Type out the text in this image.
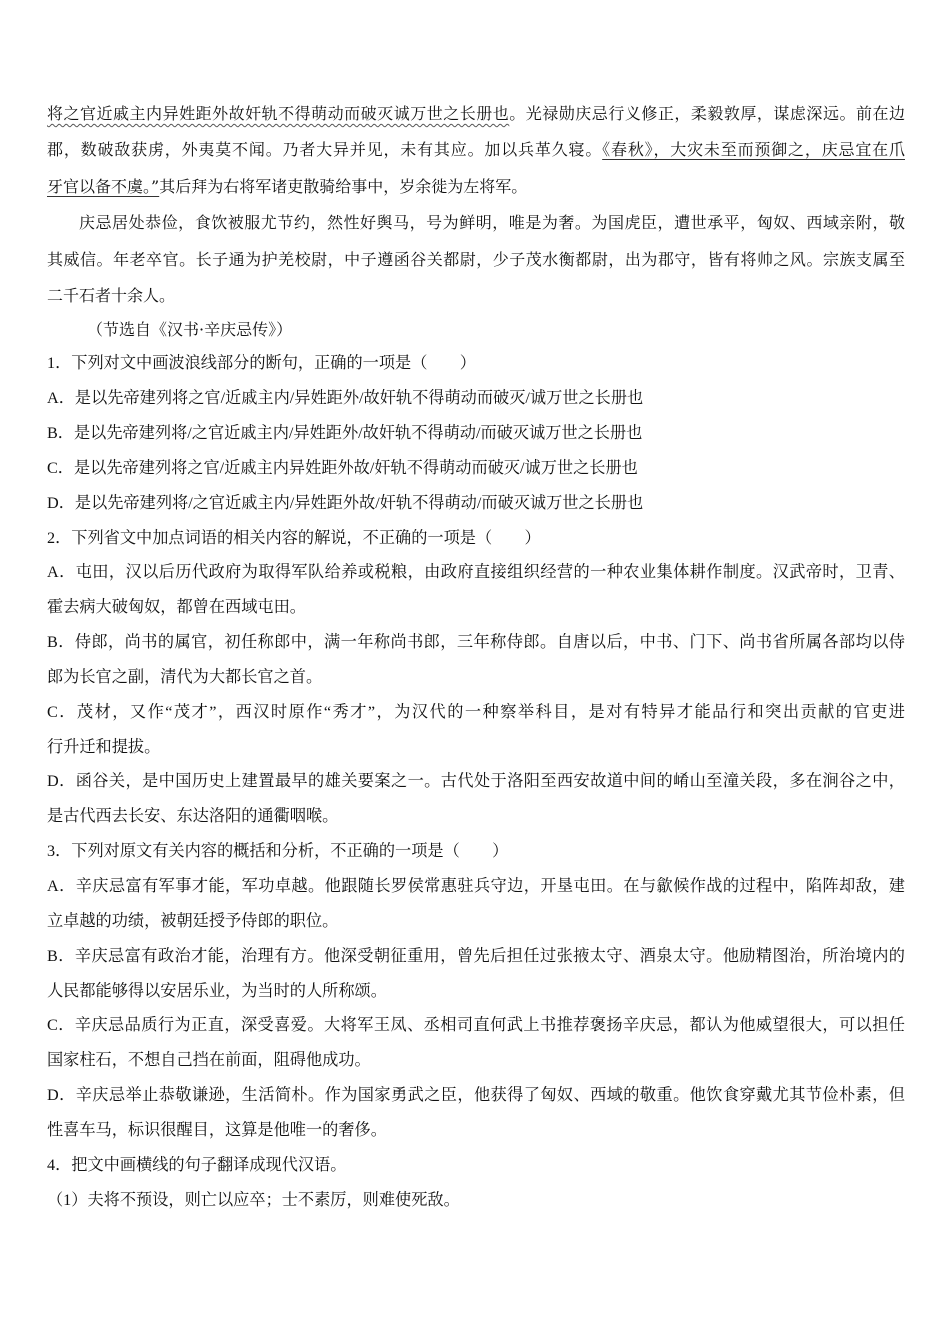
将之官近戚主内异姓距外故奸轨不得萌动而破灭诚万世之长册也。光禄勋庆忌行义修正，柔毅敦厚，谋虑深远。前在边
郡，数破敌获虏，外夷莫不闻。乃者大异并见，未有其应。加以兵革久寝。《春秋》，大灾未至而预御之，庆忌宜在爪
牙官以备不虞。”其后拜为右将军诸吏散骑给事中，岁余徙为左将军。
庆忌居处恭俭，食饮被服尤节约，然性好舆马，号为鲜明，唯是为奢。为国虎臣，遭世承平，匈奴、西域亲附，敬
其威信。年老卒官。长子通为护羌校尉，中子遵函谷关都尉，少子茂水衡都尉，出为郡守，皆有将帅之风。宗族支属至
二千石者十余人。
（节选自《汉书·辛庆忌传》）
1．下列对文中画波浪线部分的断句，正确的一项是（　　）
A．是以先帝建列将之官/近戚主内/异姓距外/故奸轨不得萌动而破灭/诚万世之长册也
B．是以先帝建列将/之官近戚主内/异姓距外/故奸轨不得萌动/而破灭诚万世之长册也
C．是以先帝建列将之官/近戚主内异姓距外故/奸轨不得萌动而破灭/诚万世之长册也
D．是以先帝建列将/之官近戚主内/异姓距外故/奸轨不得萌动/而破灭诚万世之长册也
2．下列省文中加点词语的相关内容的解说，不正确的一项是（　　）
A．屯田，汉以后历代政府为取得军队给养或税粮，由政府直接组织经营的一种农业集体耕作制度。汉武帝时，卫青、
霍去病大破匈奴，都曾在西域屯田。
B．侍郎，尚书的属官，初任称郎中，满一年称尚书郎，三年称侍郎。自唐以后，中书、门下、尚书省所属各部均以侍
郎为长官之副，清代为大都长官之首。
C．茂材，又作“茂才”，西汉时原作“秀才”，为汉代的一种察举科目，是对有特异才能品行和突出贡献的官吏进
行升迁和提拔。
D．函谷关，是中国历史上建置最早的雄关要案之一。古代处于洛阳至西安故道中间的崤山至潼关段，多在涧谷之中，
是古代西去长安、东达洛阳的通衢咽喉。
3．下列对原文有关内容的概括和分析，不正确的一项是（　　）
A．辛庆忌富有军事才能，军功卓越。他跟随长罗侯常惠驻兵守边，开垦屯田。在与歙候作战的过程中，陷阵却敌，建
立卓越的功绩，被朝廷授予侍郎的职位。
B．辛庆忌富有政治才能，治理有方。他深受朝征重用，曾先后担任过张掖太守、酒泉太守。他励精图治，所治境内的
人民都能够得以安居乐业，为当时的人所称颂。
C．辛庆忌品质行为正直，深受喜爱。大将军王凤、丞相司直何武上书推荐褒扬辛庆忌，都认为他威望很大，可以担任
国家柱石，不想自己挡在前面，阻碍他成功。
D．辛庆忌举止恭敬谦逊，生活简朴。作为国家勇武之臣，他获得了匈奴、西域的敬重。他饮食穿戴尤其节俭朴素，但
性喜车马，标识很醒目，这算是他唯一的奢侈。
4．把文中画横线的句子翻译成现代汉语。
（1）夫将不预设，则亡以应卒；士不素厉，则难使死敌。
